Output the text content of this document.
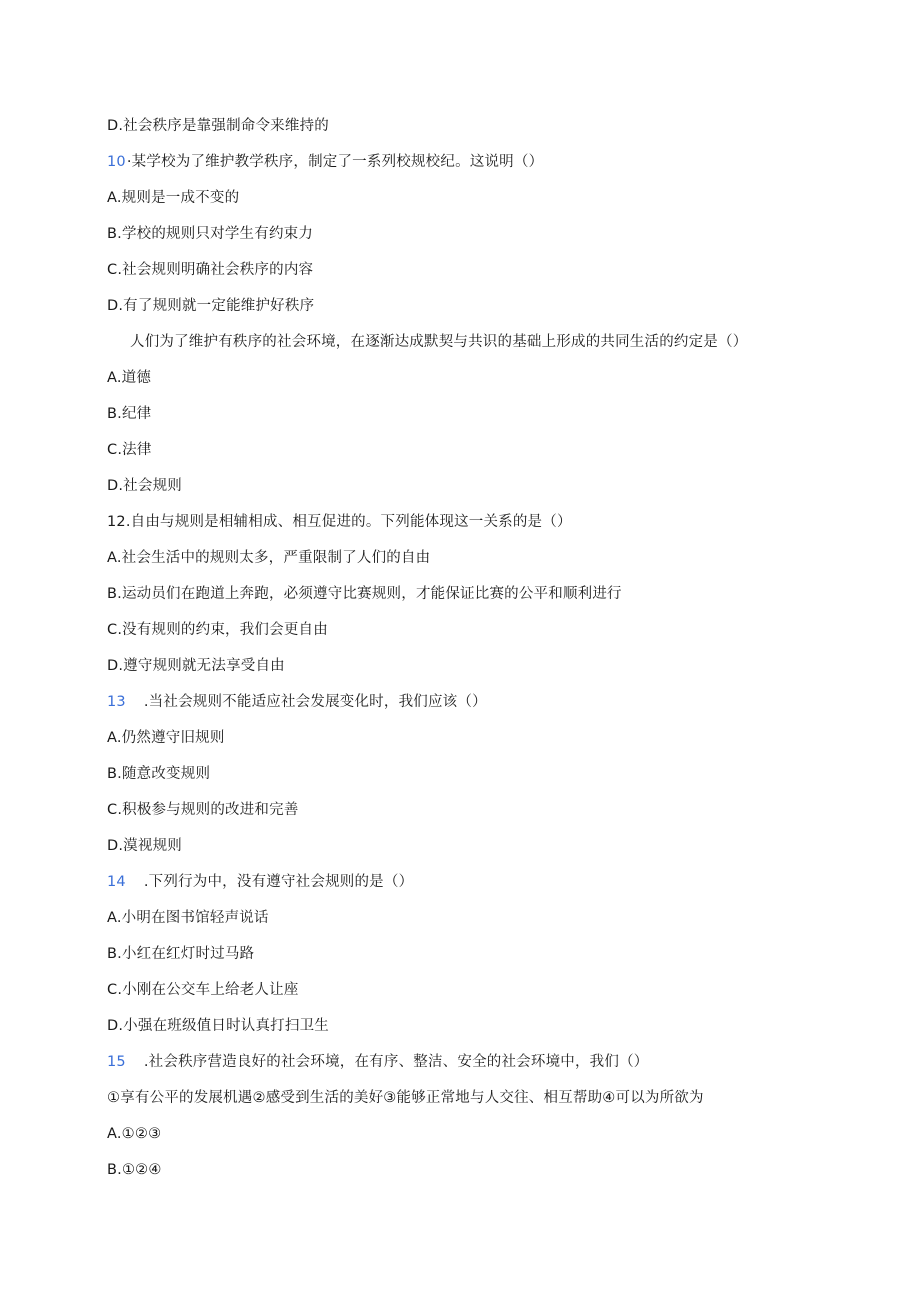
D.社会秩序是靠强制命令来维持的
10·某学校为了维护教学秩序，制定了一系列校规校纪。这说明（）
A.规则是一成不变的
B.学校的规则只对学生有约束力
C.社会规则明确社会秩序的内容
D.有了规则就一定能维护好秩序
人们为了维护有秩序的社会环境，在逐渐达成默契与共识的基础上形成的共同生活的约定是（）
A.道德
B.纪律
C.法律
D.社会规则
12.自由与规则是相辅相成、相互促进的。下列能体现这一关系的是（）
A.社会生活中的规则太多，严重限制了人们的自由
B.运动员们在跑道上奔跑，必须遵守比赛规则，才能保证比赛的公平和顺利进行
C.没有规则的约束，我们会更自由
D.遵守规则就无法享受自由
13 .当社会规则不能适应社会发展变化时，我们应该（）
A.仍然遵守旧规则
B.随意改变规则
C.积极参与规则的改进和完善
D.漠视规则
14 .下列行为中，没有遵守社会规则的是（）
A.小明在图书馆轻声说话
B.小红在红灯时过马路
C.小刚在公交车上给老人让座
D.小强在班级值日时认真打扫卫生
15 .社会秩序营造良好的社会环境，在有序、整洁、安全的社会环境中，我们（）
①享有公平的发展机遇②感受到生活的美好③能够正常地与人交往、相互帮助④可以为所欲为
A.①②③
B.①②④
